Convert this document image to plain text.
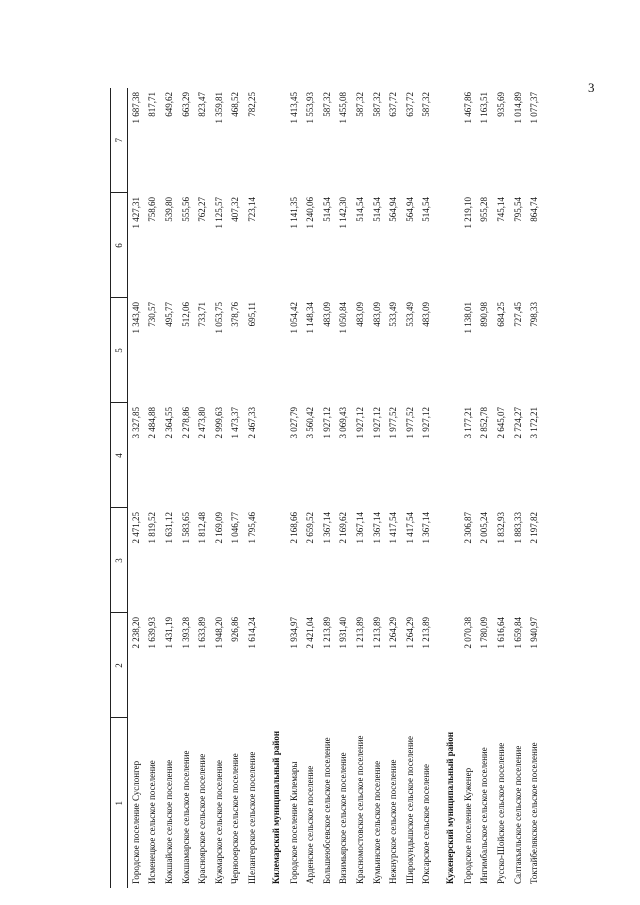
3
1	2	3	4	5	6	7
Городское поселение Суслонгер	2 238,20	2 471,25	3 327,85	1 343,40	1 427,31	1 687,38
Исменецкое сельское поселение	1 639,93	1 819,52	2 484,88	730,57	758,60	817,71
Кокшайское сельское поселение	1 431,19	1 631,12	2 364,55	495,77	539,80	649,62
Кокшамарское сельское поселение	1 393,28	1 583,65	2 278,86	512,06	555,56	663,29
Красноярское сельское поселение	1 633,89	1 812,48	2 473,80	733,71	762,27	823,47
Кужмарское сельское поселение	1 948,20	2 169,09	2 999,63	1 053,75	1 125,57	1 359,81
Чернооерское сельское поселение	926,86	1 046,77	1 473,37	378,76	407,32	468,52
Шелангерское сельское поселение	1 614,24	1 795,46	2 467,33	695,11	723,14	782,25

Килемарский муниципальный район						
Городское поселение Килемары	1 934,97	2 168,66	3 027,79	1 054,42	1 141,35	1 413,45
Арденское сельское поселение	2 421,04	2 659,52	3 560,42	1 148,34	1 240,06	1 553,93
Большеюбсевское сельское поселение	1 213,89	1 367,14	1 927,12	483,09	514,54	587,32
Визимьярское сельское поселение	1 931,40	2 169,62	3 069,43	1 050,84	1 142,30	1 455,08
Красномостовское сельское поселение	1 213,89	1 367,14	1 927,12	483,09	514,54	587,32
Кумьинское сельское поселение	1 213,89	1 367,14	1 927,12	483,09	514,54	587,32
Нежнурское сельское поселение	1 264,29	1 417,54	1 977,52	533,49	564,94	637,72
Широкундышское сельское поселение	1 264,29	1 417,54	1 977,52	533,49	564,94	637,72
Юксарское сельское поселение	1 213,89	1 367,14	1 927,12	483,09	514,54	587,32

Куженерский муниципальный район						
Городское поселение Куженер	2 070,38	2 306,87	3 177,21	1 138,01	1 219,10	1 467,86
Ингимбальское сельское поселение	1 780,09	2 005,24	2 852,78	890,98	955,28	1 163,51
Русско-Шойское сельское поселение	1 616,64	1 832,93	2 645,07	684,25	745,14	935,69
Салтакъяльское сельское поселение	1 659,84	1 883,33	2 724,27	727,45	795,54	1 014,89
Токтайбелякское сельское поселение	1 940,97	2 197,82	3 172,21	798,33	864,74	1 077,37
